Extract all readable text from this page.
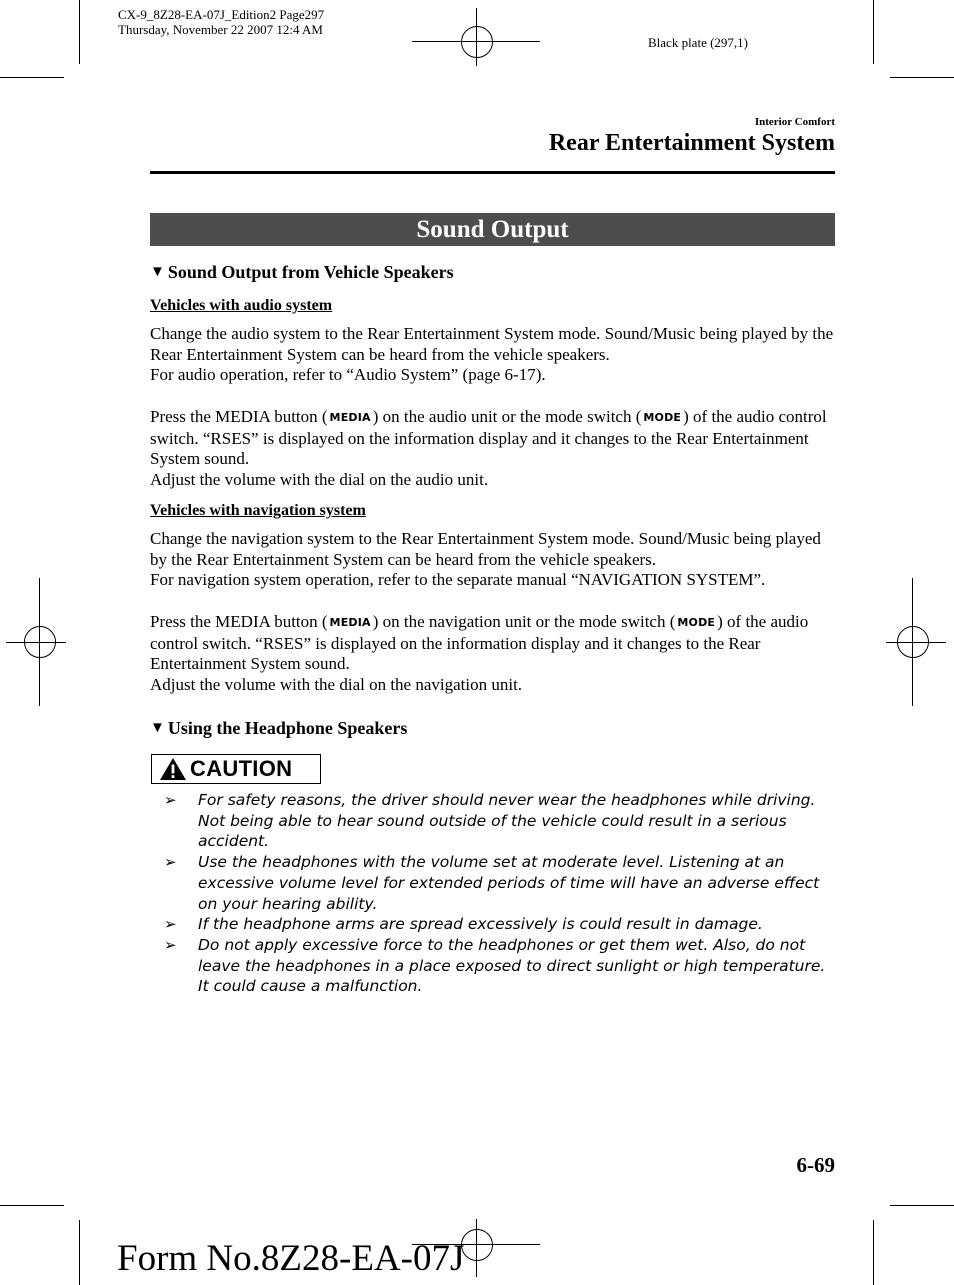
CX-9_8Z28-EA-07J_Edition2 Page297
Thursday, November 22 2007 12:4 AM
Black plate (297,1)
Interior Comfort
Rear Entertainment System
Sound Output
▼ Sound Output from Vehicle Speakers
Vehicles with audio system
Change the audio system to the Rear Entertainment System mode. Sound/Music being played by the Rear Entertainment System can be heard from the vehicle speakers.
For audio operation, refer to “Audio System” (page 6-17).
Press the MEDIA button ( MEDIA ) on the audio unit or the mode switch ( MODE ) of the audio control switch. “RSES” is displayed on the information display and it changes to the Rear Entertainment System sound.
Adjust the volume with the dial on the audio unit.
Vehicles with navigation system
Change the navigation system to the Rear Entertainment System mode. Sound/Music being played by the Rear Entertainment System can be heard from the vehicle speakers.
For navigation system operation, refer to the separate manual “NAVIGATION SYSTEM”.
Press the MEDIA button ( MEDIA ) on the navigation unit or the mode switch ( MODE ) of the audio control switch. “RSES” is displayed on the information display and it changes to the Rear Entertainment System sound.
Adjust the volume with the dial on the navigation unit.
▼ Using the Headphone Speakers
CAUTION
➢ For safety reasons, the driver should never wear the headphones while driving. Not being able to hear sound outside of the vehicle could result in a serious accident.
➢ Use the headphones with the volume set at moderate level. Listening at an excessive volume level for extended periods of time will have an adverse effect on your hearing ability.
➢ If the headphone arms are spread excessively is could result in damage.
➢ Do not apply excessive force to the headphones or get them wet. Also, do not leave the headphones in a place exposed to direct sunlight or high temperature. It could cause a malfunction.
6-69
Form No.8Z28-EA-07J
